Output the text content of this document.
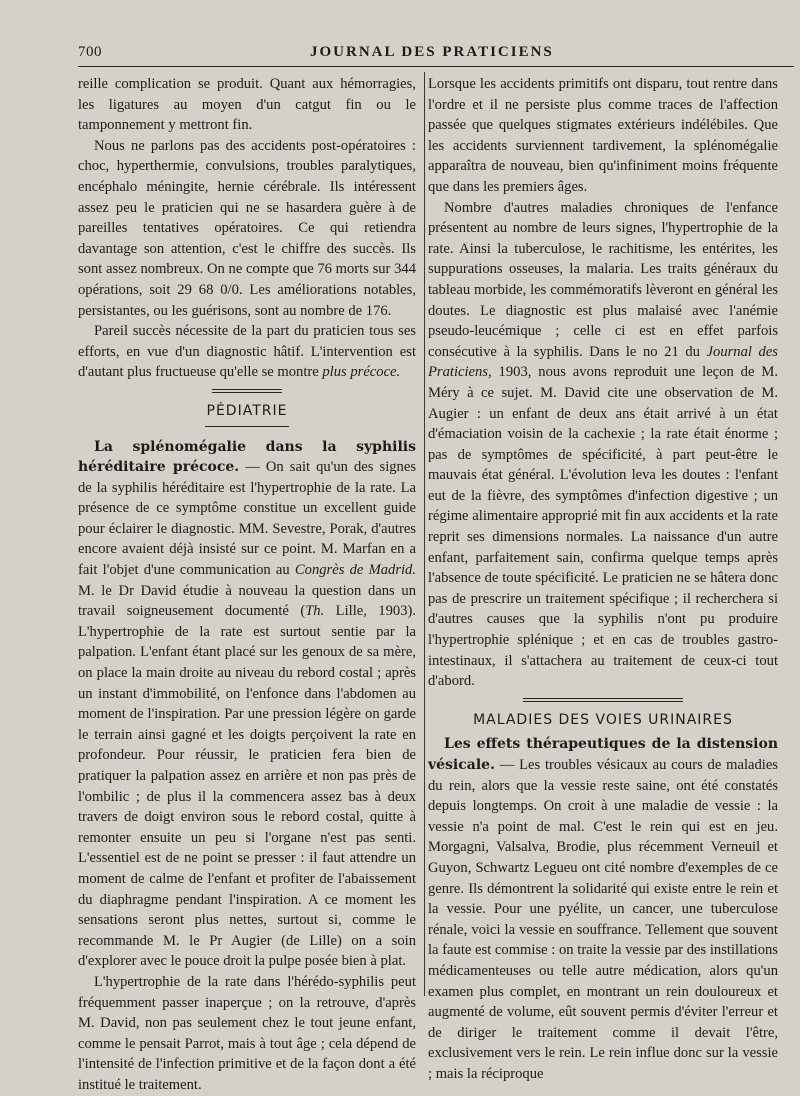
700	JOURNAL DES PRATICIENS

reille complication se produit. Quant aux hémorragies, les ligatures au moyen d'un catgut fin ou le tamponnement y mettront fin.

Nous ne parlons pas des accidents post-opératoires : choc, hyperthermie, convulsions, troubles paralytiques, encéphalo méningite, hernie cérébrale. Ils intéressent assez peu le praticien qui ne se hasardera guère à de pareilles tentatives opératoires. Ce qui retiendra davantage son attention, c'est le chiffre des succès. Ils sont assez nombreux. On ne compte que 76 morts sur 344 opérations, soit 29 68 0/0. Les améliorations notables, persistantes, ou les guérisons, sont au nombre de 176.

Pareil succès nécessite de la part du praticien tous ses efforts, en vue d'un diagnostic hâtif. L'intervention est d'autant plus fructueuse qu'elle se montre plus précoce.

PÉDIATRIE

La splénomégalie dans la syphilis héréditaire précoce. — On sait qu'un des signes de la syphilis héréditaire est l'hypertrophie de la rate. La présence de ce symptôme constitue un excellent guide pour éclairer le diagnostic. MM. Sevestre, Porak, d'autres encore avaient déjà insisté sur ce point. M. Marfan en a fait l'objet d'une communication au Congrès de Madrid. M. le Dr David étudie à nouveau la question dans un travail soigneusement documenté (Th. Lille, 1903). L'hypertrophie de la rate est surtout sentie par la palpation. L'enfant étant placé sur les genoux de sa mère, on place la main droite au niveau du rebord costal ; après un instant d'immobilité, on l'enfonce dans l'abdomen au moment de l'inspiration. Par une pression légère on garde le terrain ainsi gagné et les doigts perçoivent la rate en profondeur. Pour réussir, le praticien fera bien de pratiquer la palpation assez en arrière et non pas près de l'ombilic ; de plus il la commencera assez bas à deux travers de doigt environ sous le rebord costal, quitte à remonter ensuite un peu si l'organe n'est pas senti. L'essentiel est de ne point se presser : il faut attendre un moment de calme de l'enfant et profiter de l'abaissement du diaphragme pendant l'inspiration. A ce moment les sensations seront plus nettes, surtout si, comme le recommande M. le Pr Augier (de Lille) on a soin d'explorer avec le pouce droit la pulpe posée bien à plat.

L'hypertrophie de la rate dans l'hérédo-syphilis peut fréquemment passer inaperçue ; on la retrouve, d'après M. David, non pas seulement chez le tout jeune enfant, comme le pensait Parrot, mais à tout âge ; cela dépend de l'intensité de l'infection primitive et de la façon dont a été institué le traitement.

Lorsque les accidents primitifs ont disparu, tout rentre dans l'ordre et il ne persiste plus comme traces de l'affection passée que quelques stigmates extérieurs indélébiles. Que les accidents surviennent tardivement, la splénomégalie apparaîtra de nouveau, bien qu'infiniment moins fréquente que dans les premiers âges.

Nombre d'autres maladies chroniques de l'enfance présentent au nombre de leurs signes, l'hypertrophie de la rate. Ainsi la tuberculose, le rachitisme, les entérites, les suppurations osseuses, la malaria. Les traits généraux du tableau morbide, les commémoratifs lèveront en général les doutes. Le diagnostic est plus malaisé avec l'anémie pseudo-leucémique ; celle ci est en effet parfois consécutive à la syphilis. Dans le no 21 du Journal des Praticiens, 1903, nous avons reproduit une leçon de M. Méry à ce sujet. M. David cite une observation de M. Augier : un enfant de deux ans était arrivé à un état d'émaciation voisin de la cachexie ; la rate était énorme ; pas de symptômes de spécificité, à part peut-être le mauvais état général. L'évolution leva les doutes : l'enfant eut de la fièvre, des symptômes d'infection digestive ; un régime alimentaire approprié mit fin aux accidents et la rate reprit ses dimensions normales. La naissance d'un autre enfant, parfaitement sain, confirma quelque temps après l'absence de toute spécificité. Le praticien ne se hâtera donc pas de prescrire un traitement spécifique ; il recherchera si d'autres causes que la syphilis n'ont pu produire l'hypertrophie splénique ; et en cas de troubles gastro-intestinaux, il s'attachera au traitement de ceux-ci tout d'abord.

MALADIES DES VOIES URINAIRES

Les effets thérapeutiques de la distension vésicale. — Les troubles vésicaux au cours de maladies du rein, alors que la vessie reste saine, ont été constatés depuis longtemps. On croit à une maladie de vessie : la vessie n'a point de mal. C'est le rein qui est en jeu. Morgagni, Valsalva, Brodie, plus récemment Verneuil et Guyon, Schwartz Legueu ont cité nombre d'exemples de ce genre. Ils démontrent la solidarité qui existe entre le rein et la vessie. Pour une pyélite, un cancer, une tuberculose rénale, voici la vessie en souffrance. Tellement que souvent la faute est commise : on traite la vessie par des instillations médicamenteuses ou telle autre médication, alors qu'un examen plus complet, en montrant un rein douloureux et augmenté de volume, eût souvent permis d'éviter l'erreur et de diriger le traitement comme il devait l'être, exclusivement vers le rein. Le rein influe donc sur la vessie ; mais la réciproque
